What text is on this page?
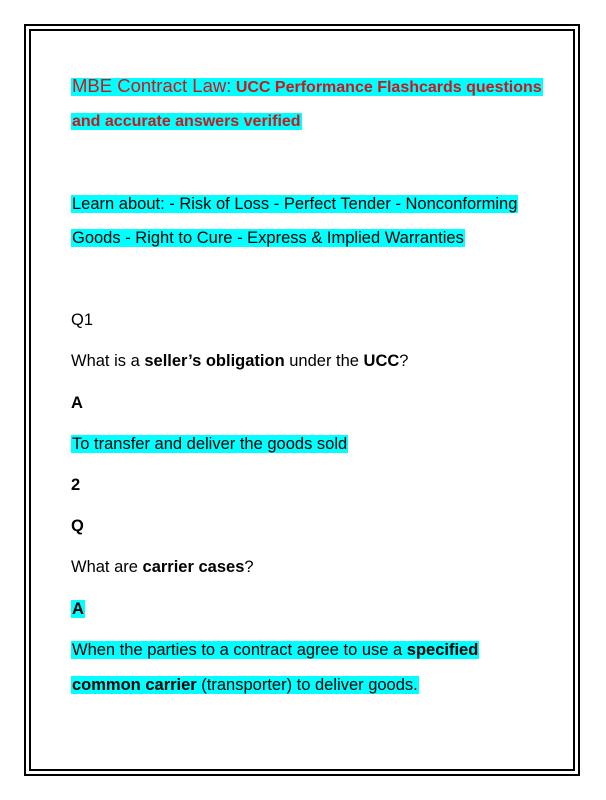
MBE Contract Law: UCC Performance Flashcards questions
and accurate answers verified
Learn about: - Risk of Loss - Perfect Tender - Nonconforming
Goods - Right to Cure - Express & Implied Warranties
Q1
What is a seller’s obligation under the UCC?
A
To transfer and deliver the goods sold
2
Q
What are carrier cases?
A
When the parties to a contract agree to use a specified
common carrier (transporter) to deliver goods.
